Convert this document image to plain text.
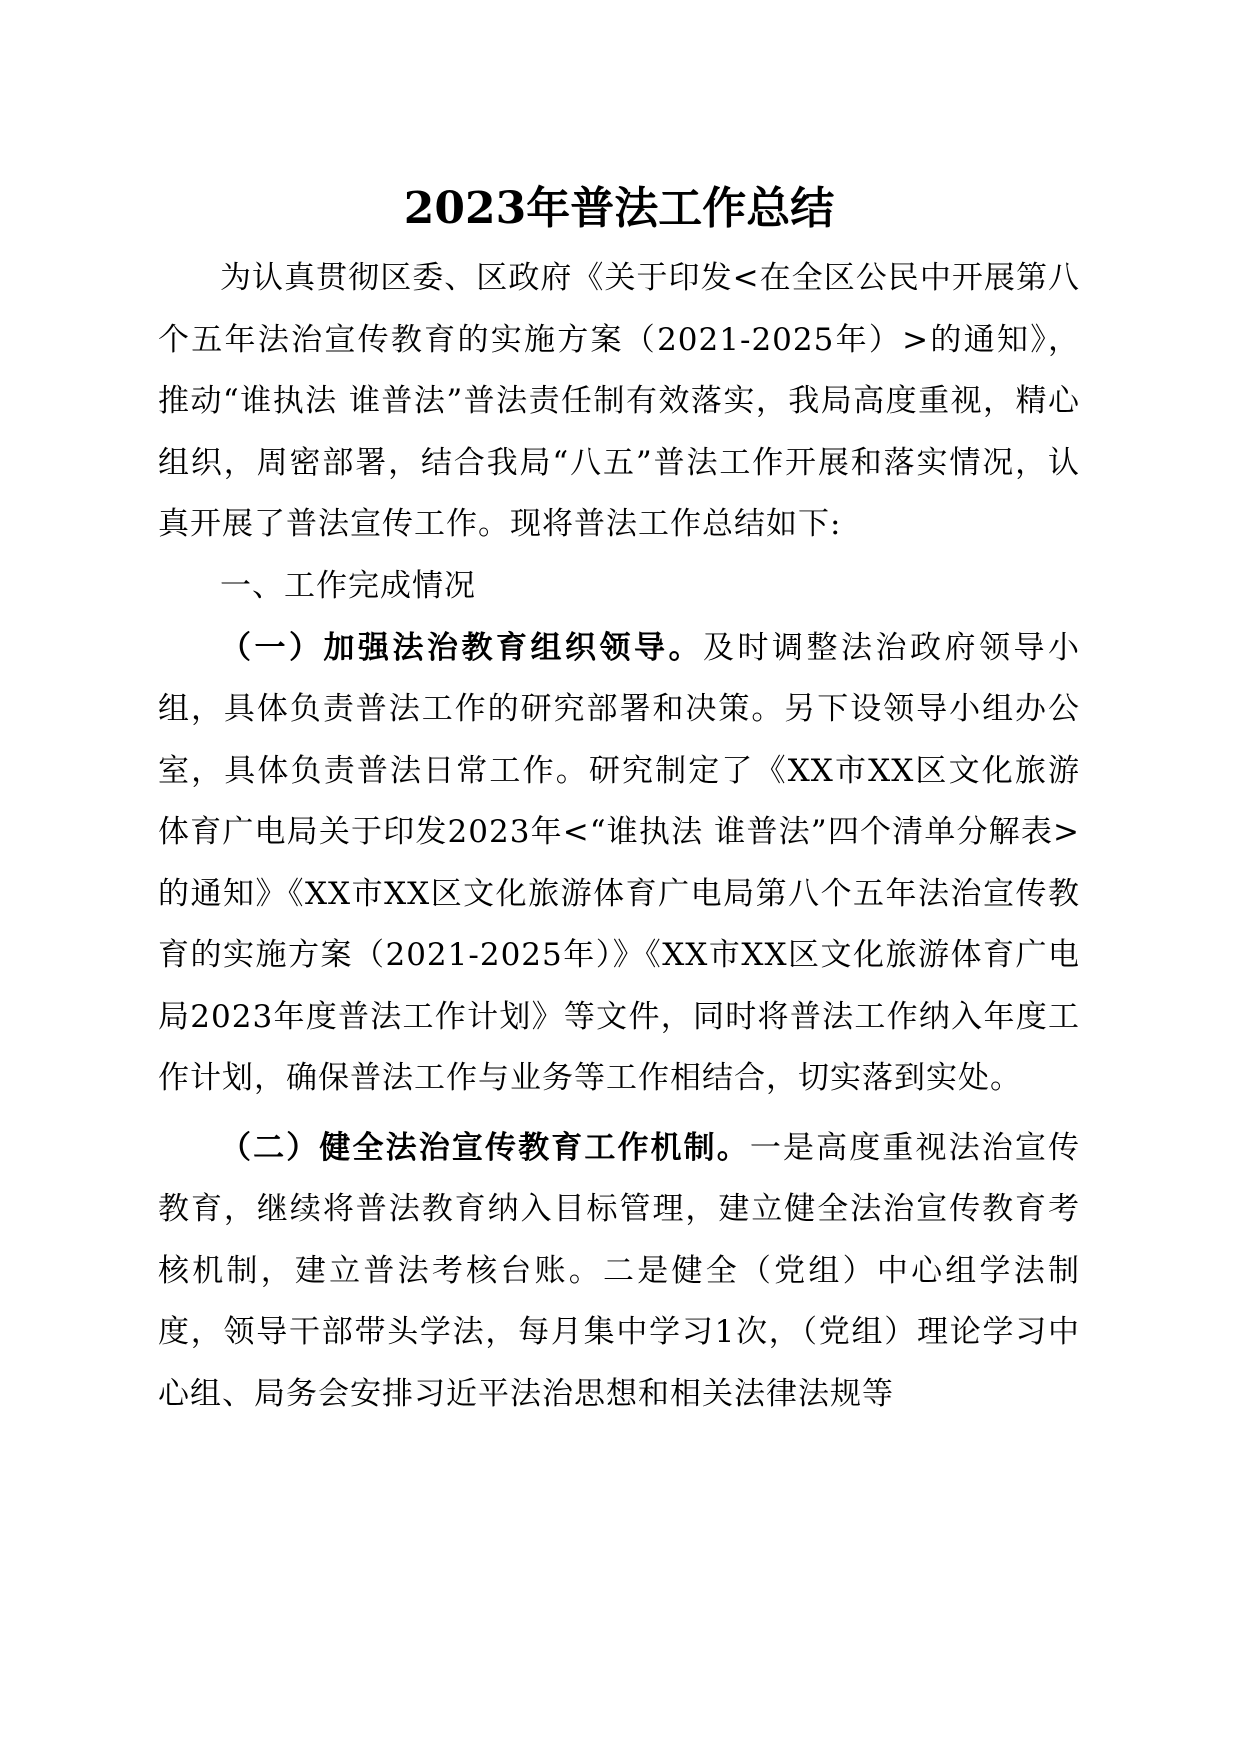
2023年普法工作总结

为认真贯彻区委、区政府《关于印发<在全区公民中开展第八个五年法治宣传教育的实施方案（2021-2025年）>的通知》，推动“谁执法 谁普法”普法责任制有效落实，我局高度重视，精心组织，周密部署，结合我局“八五”普法工作开展和落实情况，认真开展了普法宣传工作。现将普法工作总结如下:

一、工作完成情况

（一）加强法治教育组织领导。及时调整法治政府领导小组，具体负责普法工作的研究部署和决策。另下设领导小组办公室，具体负责普法日常工作。研究制定了《XX市XX区文化旅游体育广电局关于印发2023年<“谁执法 谁普法”四个清单分解表>的通知》《XX市XX区文化旅游体育广电局第八个五年法治宣传教育的实施方案（2021-2025年）》《XX市XX区文化旅游体育广电局2023年度普法工作计划》等文件，同时将普法工作纳入年度工作计划，确保普法工作与业务等工作相结合，切实落到实处。

（二）健全法治宣传教育工作机制。一是高度重视法治宣传教育，继续将普法教育纳入目标管理，建立健全法治宣传教育考核机制，建立普法考核台账。二是健全（党组）中心组学法制度，领导干部带头学法，每月集中学习1次，（党组）理论学习中心组、局务会安排习近平法治思想和相关法律法规等
